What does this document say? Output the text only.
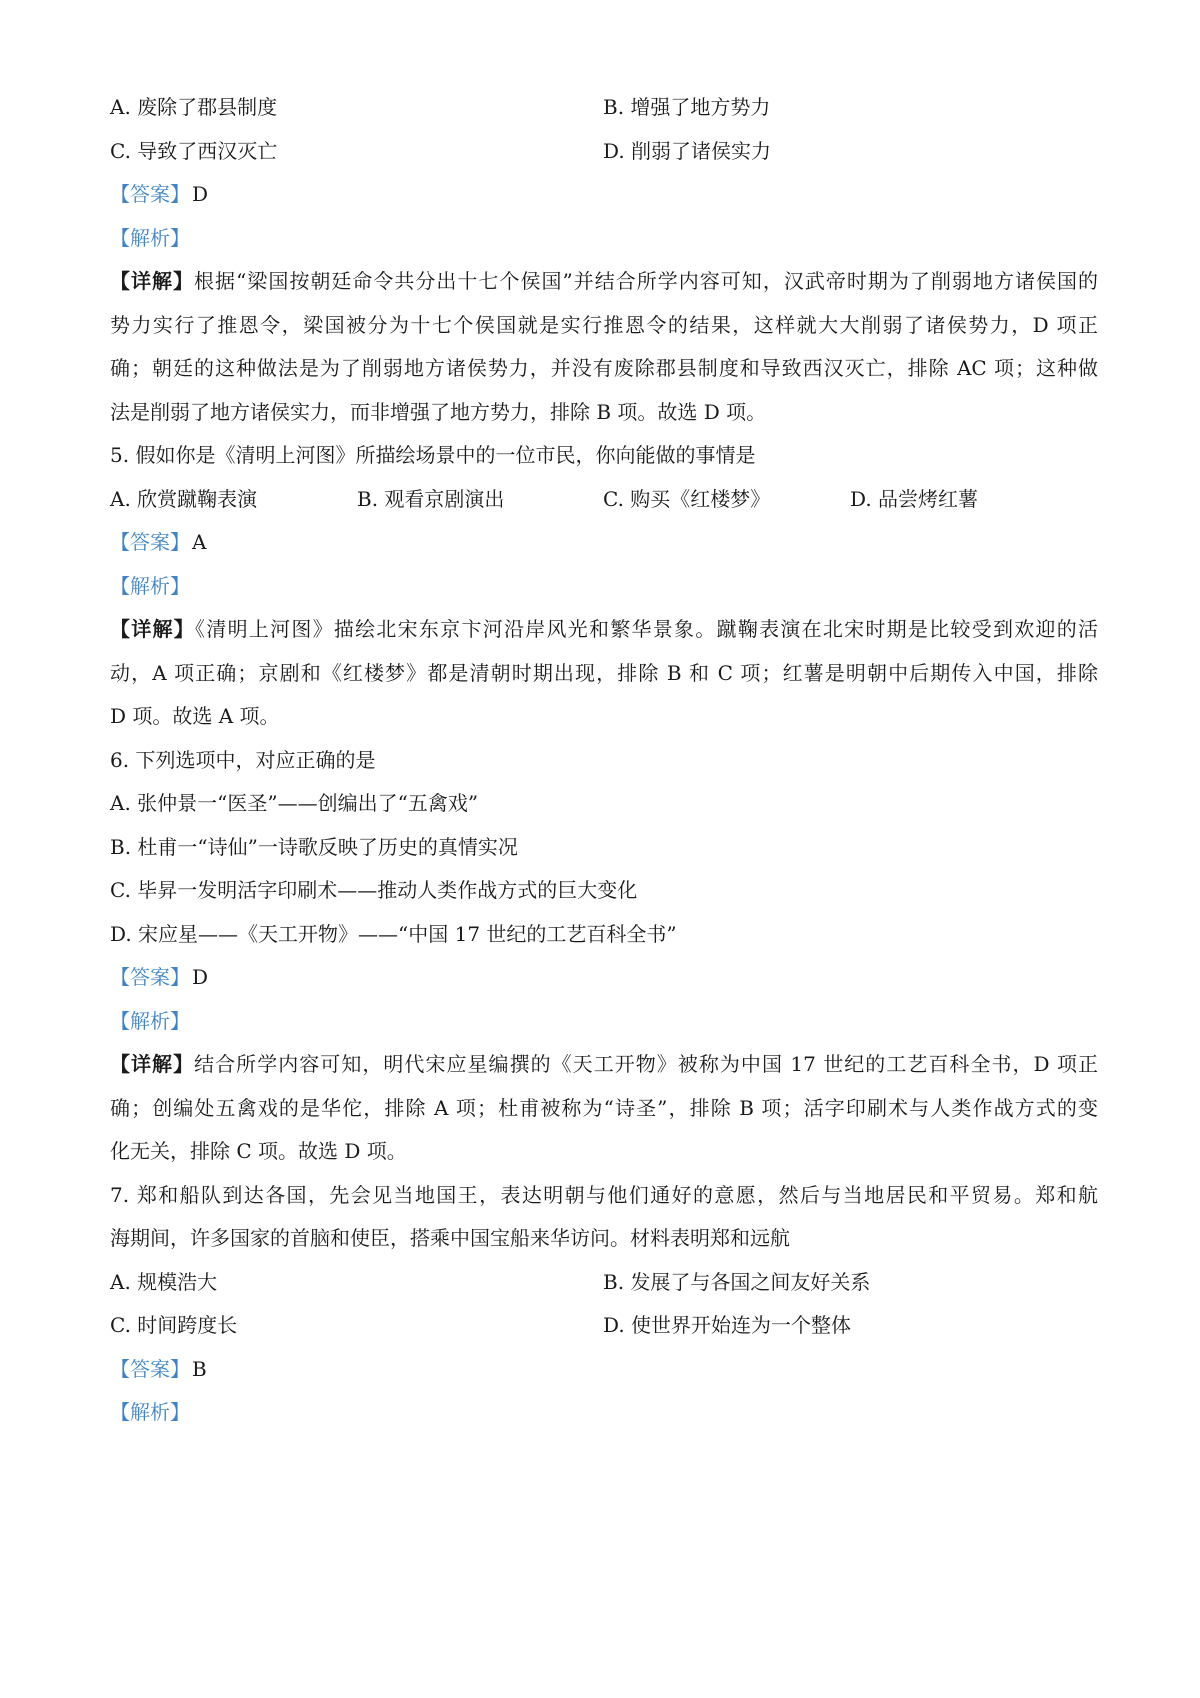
A. 废除了郡县制度	B. 增强了地方势力
C. 导致了西汉灭亡	D. 削弱了诸侯实力
【答案】 D
【解析】
【详解】根据“梁国按朝廷命令共分出十七个侯国”并结合所学内容可知，汉武帝时期为了削弱地方诸侯国的
势力实行了推恩令，梁国被分为十七个侯国就是实行推恩令的结果，这样就大大削弱了诸侯势力，D 项正
确；朝廷的这种做法是为了削弱地方诸侯势力，并没有废除郡县制度和导致西汉灭亡，排除 AC 项；这种做
法是削弱了地方诸侯实力，而非增强了地方势力，排除 B 项。故选 D 项。
5. 假如你是《清明上河图》所描绘场景中的一位市民，你向能做的事情是
A. 欣赏蹴鞠表演	B. 观看京剧演出	C. 购买《红楼梦》	D. 品尝烤红薯
【答案】 A
【解析】
【详解】《清明上河图》描绘北宋东京卞河沿岸风光和繁华景象。蹴鞠表演在北宋时期是比较受到欢迎的活
动，A 项正确；京剧和《红楼梦》都是清朝时期出现，排除 B 和 C 项；红薯是明朝中后期传入中国，排除
D 项。故选 A 项。
6. 下列选项中，对应正确的是
A. 张仲景一“医圣”——创编出了“五禽戏”
B. 杜甫一“诗仙”一诗歌反映了历史的真情实况
C. 毕昇一发明活字印刷术——推动人类作战方式的巨大变化
D. 宋应星——《天工开物》——“中国 17 世纪的工艺百科全书”
【答案】 D
【解析】
【详解】结合所学内容可知，明代宋应星编撰的《天工开物》被称为中国 17 世纪的工艺百科全书，D 项正
确；创编处五禽戏的是华佗，排除 A 项；杜甫被称为“诗圣”，排除 B 项；活字印刷术与人类作战方式的变
化无关，排除 C 项。故选 D 项。
7. 郑和船队到达各国，先会见当地国王，表达明朝与他们通好的意愿，然后与当地居民和平贸易。郑和航
海期间，许多国家的首脑和使臣，搭乘中国宝船来华访问。材料表明郑和远航
A. 规模浩大	B. 发展了与各国之间友好关系
C. 时间跨度长	D. 使世界开始连为一个整体
【答案】 B
【解析】
